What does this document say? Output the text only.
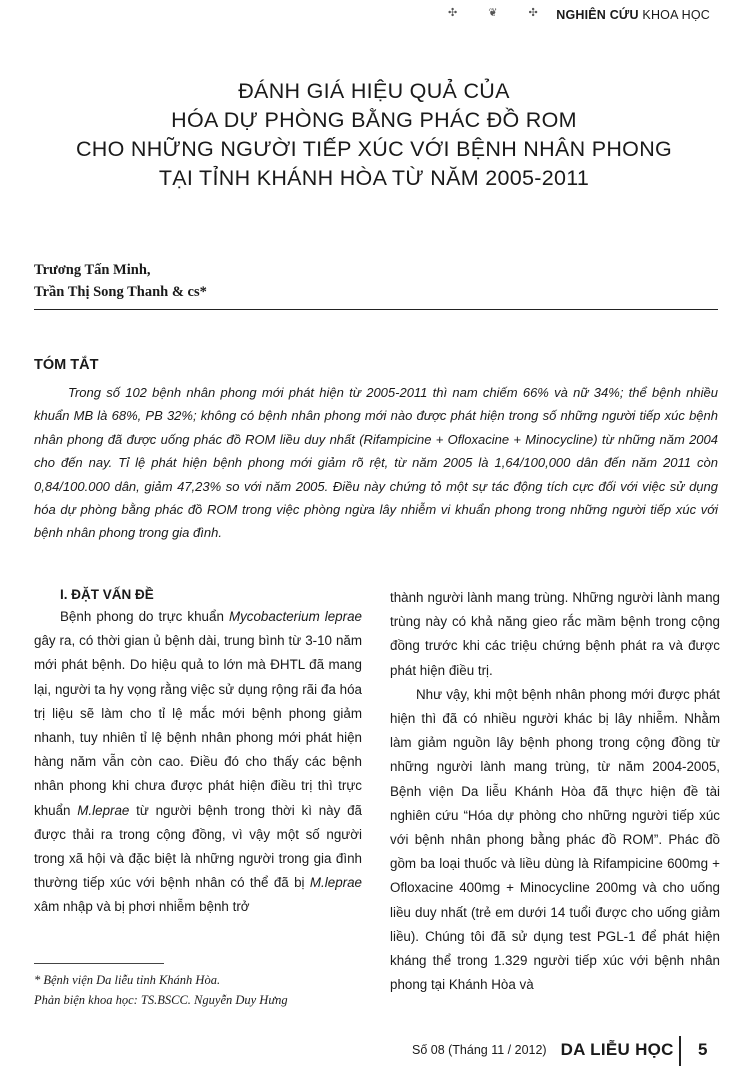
✣ ❦ ✣ NGHIÊN CỨU KHOA HỌC
ĐÁNH GIÁ HIỆU QUẢ CỦA
HÓA DỰ PHÒNG BẰNG PHÁC ĐỒ ROM
CHO NHỮNG NGƯỜI TIẾP XÚC VỚI BỆNH NHÂN PHONG
TẠI TỈNH KHÁNH HÒA TỪ NĂM 2005-2011
Trương Tấn Minh,
Trần Thị Song Thanh & cs*
TÓM TẮT

Trong số 102 bệnh nhân phong mới phát hiện từ 2005-2011 thì nam chiếm 66% và nữ 34%; thể bệnh nhiều khuẩn MB là 68%, PB 32%; không có bệnh nhân phong mới nào được phát hiện trong số những người tiếp xúc bệnh nhân phong đã được uống phác đồ ROM liều duy nhất (Rifampicine + Ofloxacine + Minocycline) từ những năm 2004 cho đến nay. Tỉ lệ phát hiện bệnh phong mới giảm rõ rệt, từ năm 2005 là 1,64/100,000 dân đến năm 2011 còn 0,84/100.000 dân, giảm 47,23% so với năm 2005. Điều này chứng tỏ một sự tác động tích cực đối với việc sử dụng hóa dự phòng bằng phác đồ ROM trong việc phòng ngừa lây nhiễm vi khuẩn phong trong những người tiếp xúc với bệnh nhân phong trong gia đình.

I. ĐẶT VẤN ĐỀ

Bệnh phong do trực khuẩn Mycobacterium leprae gây ra, có thời gian ủ bệnh dài, trung bình từ 3-10 năm mới phát bệnh. Do hiệu quả to lớn mà ĐHTL đã mang lại, người ta hy vọng rằng việc sử dụng rộng rãi đa hóa trị liệu sẽ làm cho tỉ lệ mắc mới bệnh phong giảm nhanh, tuy nhiên tỉ lệ bệnh nhân phong mới phát hiện hàng năm vẫn còn cao. Điều đó cho thấy các bệnh nhân phong khi chưa được phát hiện điều trị thì trực khuẩn M.leprae từ người bệnh trong thời kì này đã được thải ra trong cộng đồng, vì vậy một số người trong xã hội và đặc biệt là những người trong gia đình thường tiếp xúc với bệnh nhân có thể đã bị M.leprae xâm nhập và bị phơi nhiễm bệnh trở

thành người lành mang trùng. Những người lành mang trùng này có khả năng gieo rắc mầm bệnh trong cộng đồng trước khi các triệu chứng bệnh phát ra và được phát hiện điều trị.

Như vậy, khi một bệnh nhân phong mới được phát hiện thì đã có nhiều người khác bị lây nhiễm. Nhằm làm giảm nguồn lây bệnh phong trong cộng đồng từ những người lành mang trùng, từ năm 2004-2005, Bệnh viện Da liễu Khánh Hòa đã thực hiện đề tài nghiên cứu “Hóa dự phòng cho những người tiếp xúc với bệnh nhân phong bằng phác đồ ROM”. Phác đồ gồm ba loại thuốc và liều dùng là Rifampicine 600mg + Ofloxacine 400mg + Minocycline 200mg và cho uống liều duy nhất (trẻ em dưới 14 tuổi được cho uống giảm liều). Chúng tôi đã sử dụng test PGL-1 để phát hiện kháng thể trong 1.329 người tiếp xúc với bệnh nhân phong tại Khánh Hòa và

* Bệnh viện Da liễu tỉnh Khánh Hòa.
Phản biện khoa học: TS.BSCC. Nguyễn Duy Hưng
Số 08 (Tháng 11 / 2012) DA LIỄU HỌC 5
